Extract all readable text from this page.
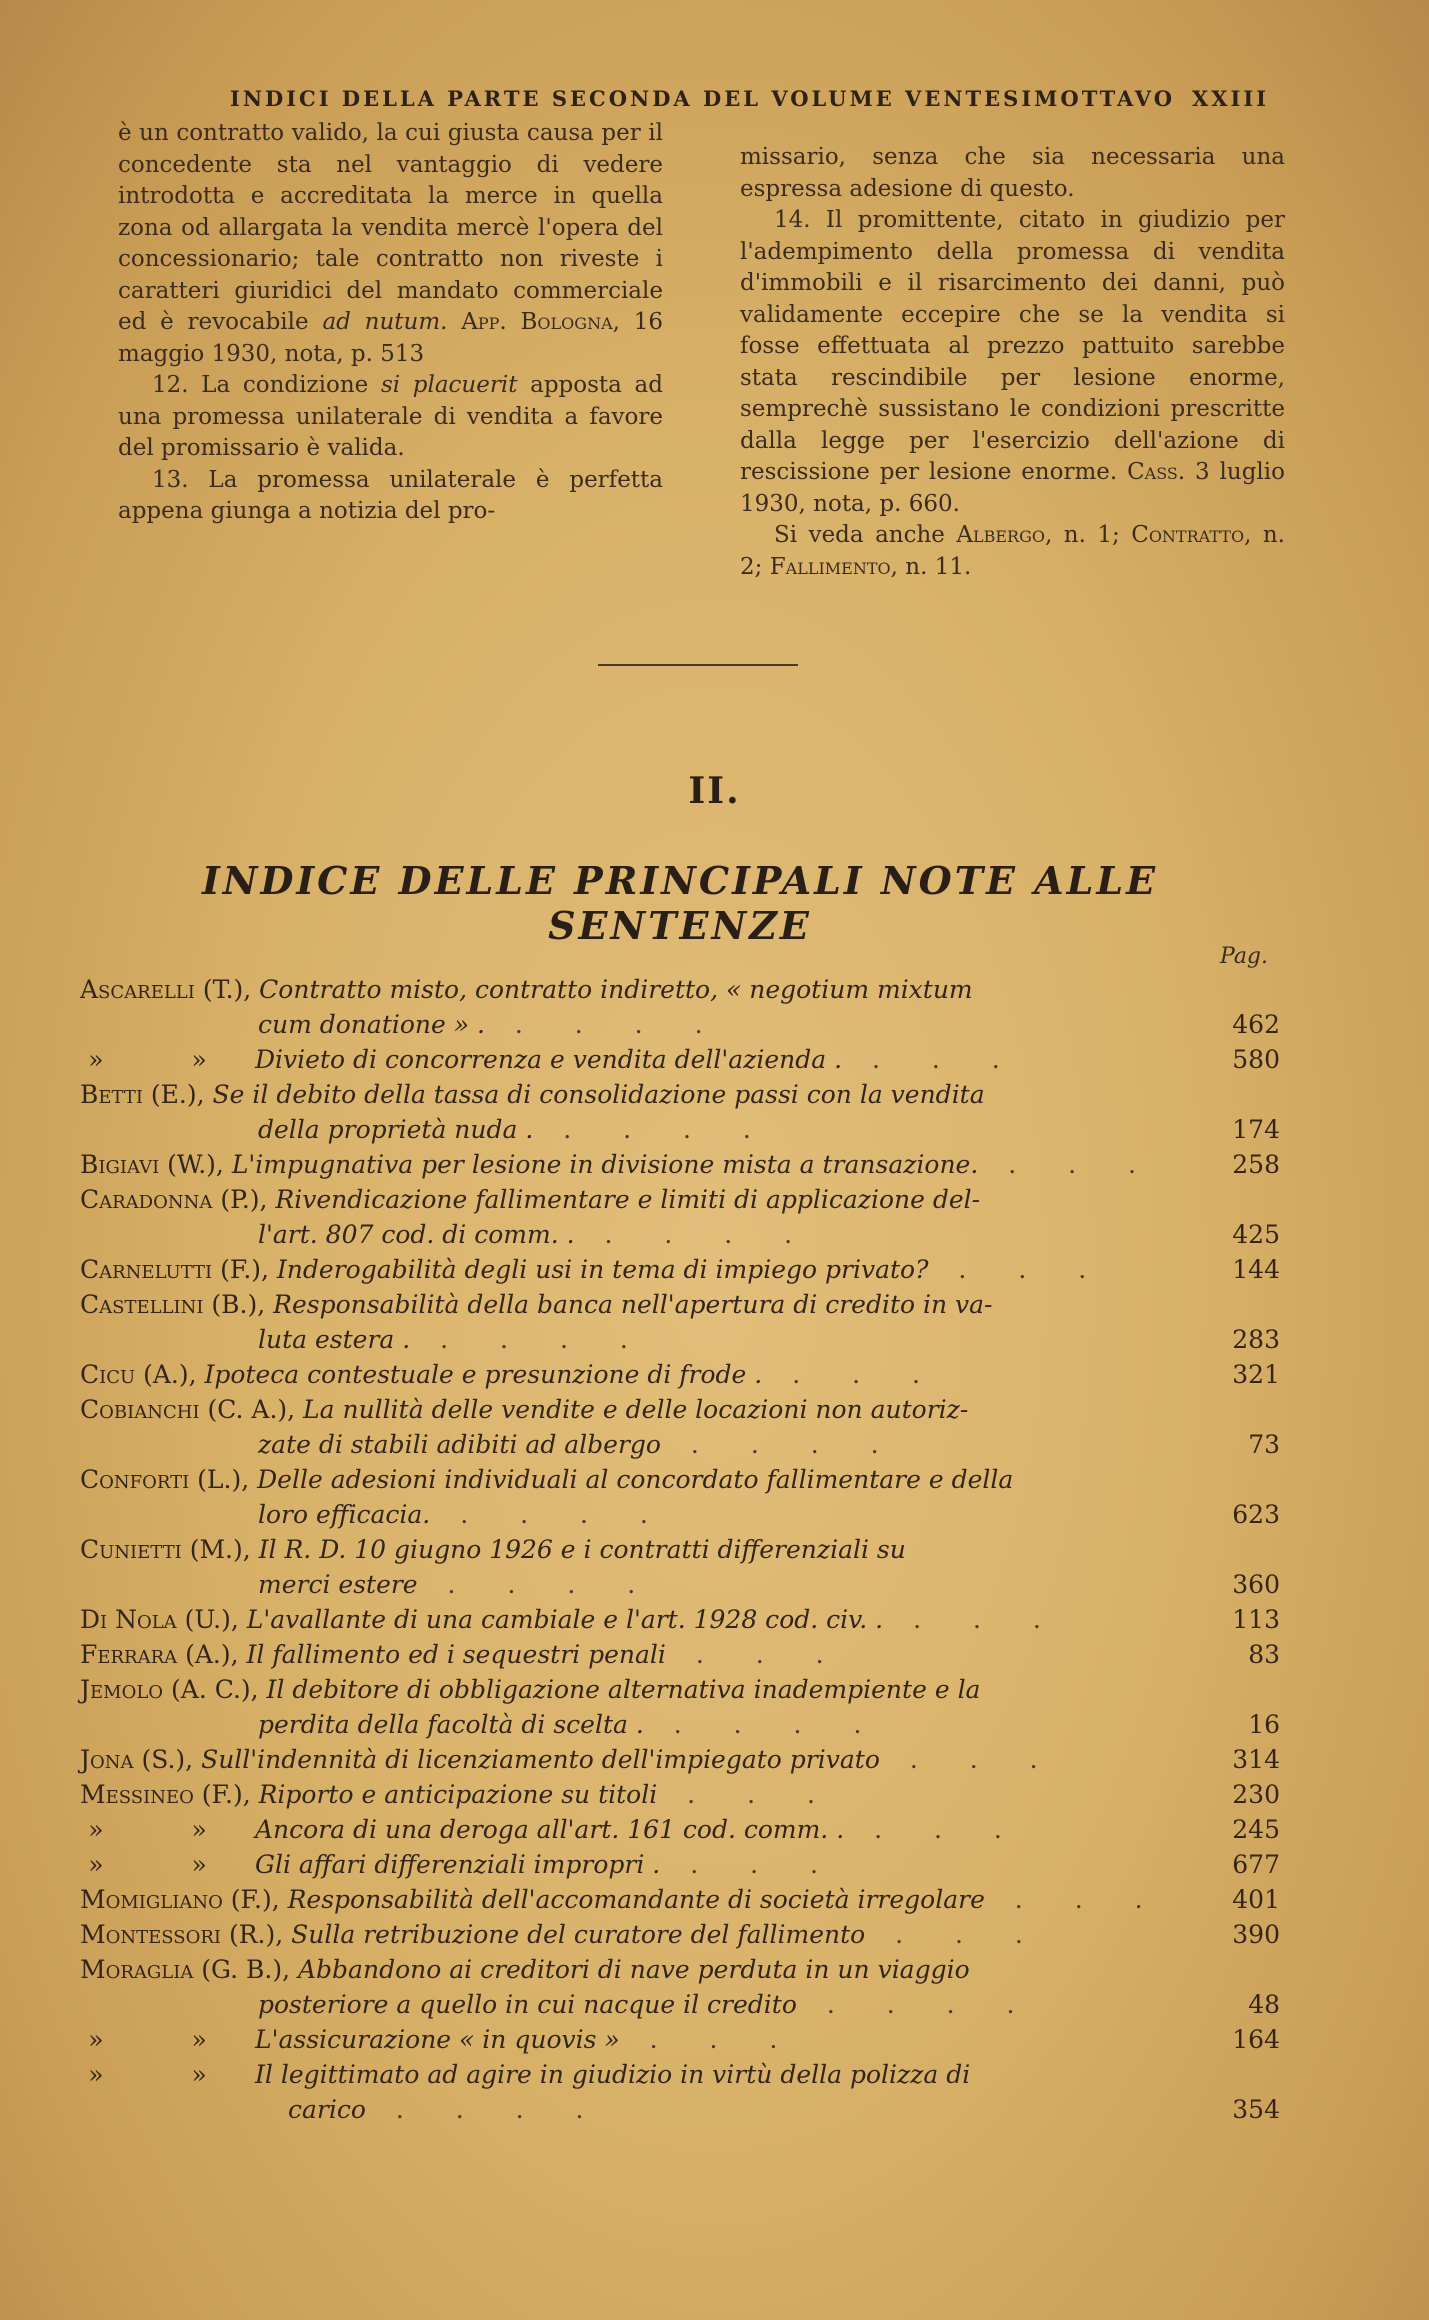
INDICI DELLA PARTE SECONDA DEL VOLUME VENTESIMOTTAVO XXIII

è un contratto valido, la cui giusta causa per il concedente sta nel vantaggio di vedere introdotta e accreditata la merce in quella zona od allargata la vendita mercè l'opera del concessionario; tale contratto non riveste i caratteri giuridici del mandato commerciale ed è revocabile ad nutum. App. Bologna, 16 maggio 1930, nota, p. 513

12. La condizione si placuerit apposta ad una promessa unilaterale di vendita a favore del promissario è valida.

13. La promessa unilaterale è perfetta appena giunga a notizia del pro-

missario, senza che sia necessaria una espressa adesione di questo.

14. Il promittente, citato in giudizio per l'adempimento della promessa di vendita d'immobili e il risarcimento dei danni, può validamente eccepire che se la vendita si fosse effettuata al prezzo pattuito sarebbe stata rescindibile per lesione enorme, semprechè sussistano le condizioni prescritte dalla legge per l'esercizio dell'azione di rescissione per lesione enorme. Cass. 3 luglio 1930, nota, p. 660.

Si veda anche Albergo, n. 1; Contratto, n. 2; Fallimento, n. 11.

II.
INDICE DELLE PRINCIPALI NOTE ALLE SENTENZE
Pag.
Ascarelli (T.), Contratto misto, contratto indiretto, « negotium mixtum
cum donatione » . . . . .	462
» » Divieto di concorrenza e vendita dell'azienda . . . .	580
Betti (E.), Se il debito della tassa di consolidazione passi con la vendita
della proprietà nuda . . . . .	174
Bigiavi (W.), L'impugnativa per lesione in divisione mista a transazione. . . .	258
Caradonna (P.), Rivendicazione fallimentare e limiti di applicazione del-
l'art. 807 cod. di comm. . . . . .	425
Carnelutti (F.), Inderogabilità degli usi in tema di impiego privato? . . .	144
Castellini (B.), Responsabilità della banca nell'apertura di credito in va-
luta estera . . . . .	283
Cicu (A.), Ipoteca contestuale e presunzione di frode . . . .	321
Cobianchi (C. A.), La nullità delle vendite e delle locazioni non autoriz-
zate di stabili adibiti ad albergo . . . .	73
Conforti (L.), Delle adesioni individuali al concordato fallimentare e della
loro efficacia. . . . .	623
Cunietti (M.), Il R. D. 10 giugno 1926 e i contratti differenziali su
merci estere . . . .	360
Di Nola (U.), L'avallante di una cambiale e l'art. 1928 cod. civ. . . . .	113
Ferrara (A.), Il fallimento ed i sequestri penali . . .	83
Jemolo (A. C.), Il debitore di obbligazione alternativa inadempiente e la
perdita della facoltà di scelta . . . . .	16
Jona (S.), Sull'indennità di licenziamento dell'impiegato privato . . .	314
Messineo (F.), Riporto e anticipazione su titoli . . .	230
» » Ancora di una deroga all'art. 161 cod. comm. . . . .	245
» » Gli affari differenziali impropri . . . .	677
Momigliano (F.), Responsabilità dell'accomandante di società irregolare . . .	401
Montessori (R.), Sulla retribuzione del curatore del fallimento . . .	390
Moraglia (G. B.), Abbandono ai creditori di nave perduta in un viaggio
posteriore a quello in cui nacque il credito . . . .	48
» » L'assicurazione « in quovis » . . .	164
» » Il legittimato ad agire in giudizio in virtù della polizza di
carico . . . .	354
